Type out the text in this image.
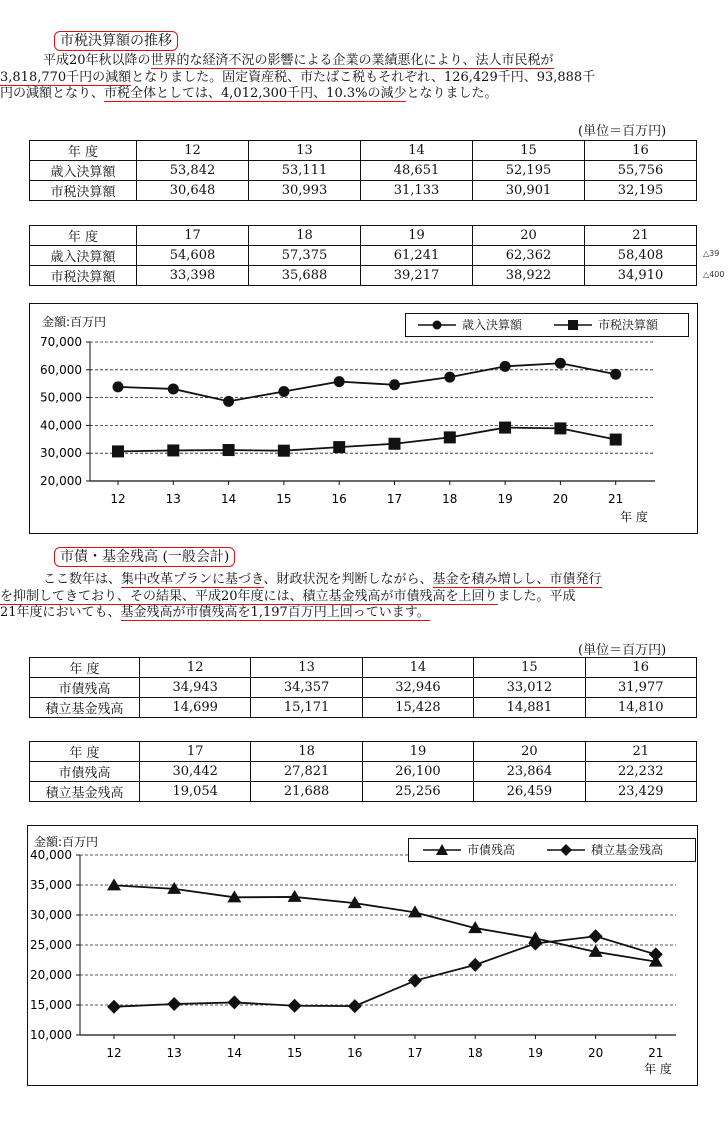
市税決算額の推移
平成20年秋以降の世界的な経済不況の影響による企業の業績悪化により、法人市民税が
3,818,770千円の減額となりました。固定資産税、市たばこ税もそれぞれ、126,429千円、93,888千
円の減額となり、市税全体としては、4,012,300千円、10.3%の減少となりました。
(単位＝百万円)
年 度	12	13	14	15	16
歳入決算額	53,842	53,111	48,651	52,195	55,756
市税決算額	30,648	30,993	31,133	30,901	32,195
年 度	17	18	19	20	21
歳入決算額	54,608	57,375	61,241	62,362	58,408
市税決算額	33,398	35,688	39,217	38,922	34,910
△39
△400
金額:百万円
20,000
30,000
40,000
50,000
60,000
70,000
12	13	14	15	16	17	18	19	20	21
年 度
歳入決算額	市税決算額
市債・基金残高 (一般会計)
ここ数年は、集中改革プランに基づき、財政状況を判断しながら、基金を積み増しし、市債発行
を抑制してきており、その結果、平成20年度には、積立基金残高が市債残高を上回りました。平成
21年度においても、基金残高が市債残高を1,197百万円上回っています。
(単位＝百万円)
年 度	12	13	14	15	16
市債残高	34,943	34,357	32,946	33,012	31,977
積立基金残高	14,699	15,171	15,428	14,881	14,810
年 度	17	18	19	20	21
市債残高	30,442	27,821	26,100	23,864	22,232
積立基金残高	19,054	21,688	25,256	26,459	23,429
金額:百万円
10,000
15,000
20,000
25,000
30,000
35,000
40,000
12	13	14	15	16	17	18	19	20	21
年 度
市債残高	積立基金残高
